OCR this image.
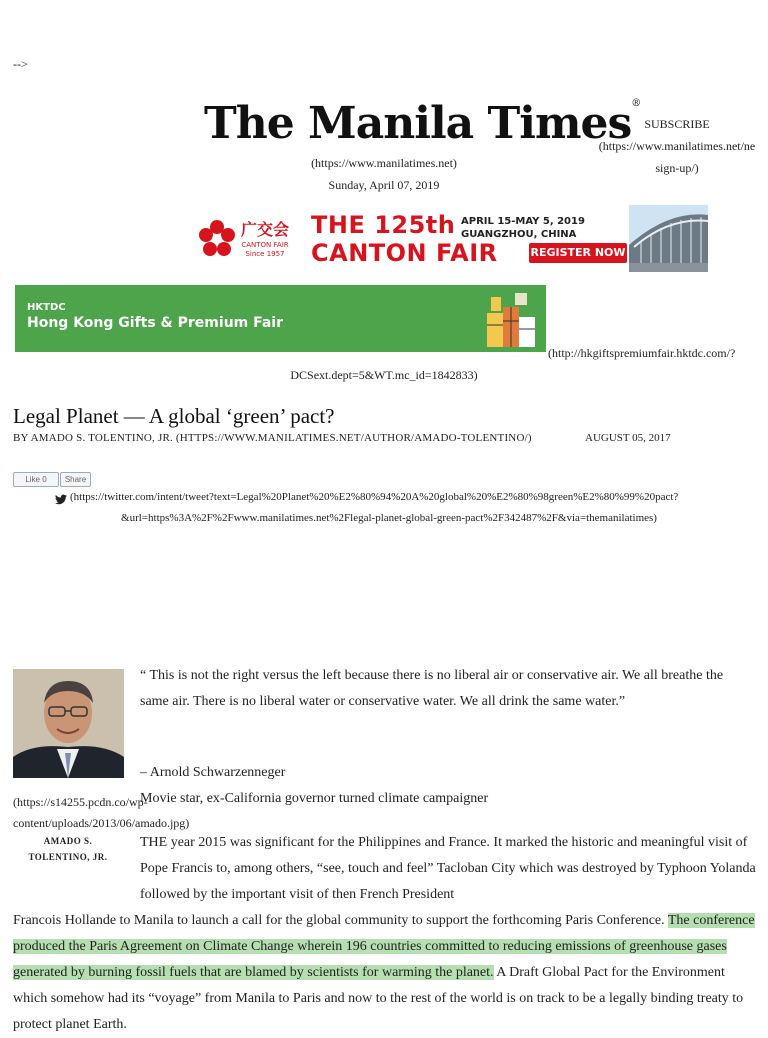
-->
The Manila Times®
(https://www.manilatimes.net)
Sunday, April 07, 2019
SUBSCRIBE
(https://www.manilatimes.net/ne
sign-up/)
广交会
CANTON FAIR
Since 1957
THE 125th
CANTON FAIR
APRIL 15-MAY 5, 2019
GUANGZHOU, CHINA
REGISTER NOW
HKTDC
Hong Kong Gifts & Premium Fair
(http://hkgiftspremiumfair.hktdc.com/?
DCSext.dept=5&WT.mc_id=1842833)
Legal Planet — A global ‘green’ pact?
BY AMADO S. TOLENTINO, JR. (HTTPS://WWW.MANILATIMES.NET/AUTHOR/AMADO-TOLENTINO/)	AUGUST 05, 2017
Like 0	Share
(https://twitter.com/intent/tweet?text=Legal%20Planet%20%E2%80%94%20A%20global%20%E2%80%98green%E2%80%99%20pact?
&url=https%3A%2F%2Fwww.manilatimes.net%2Flegal-planet-global-green-pact%2F342487%2F&via=themanilatimes)
(https://s14255.pcdn.co/wp-
content/uploads/2013/06/amado.jpg)
AMADO S.
TOLENTINO, JR.
“ This is not the right versus the left because there is no liberal air or conservative air. We all breathe the same air. There is no liberal water or conservative water. We all drink the same water.”
– Arnold Schwarzenneger
Movie star, ex-California governor turned climate campaigner
THE year 2015 was significant for the Philippines and France. It marked the historic and meaningful visit of Pope Francis to, among others, “see, touch and feel” Tacloban City which was destroyed by Typhoon Yolanda followed by the important visit of then French President
Francois Hollande to Manila to launch a call for the global community to support the forthcoming Paris Conference. The conference produced the Paris Agreement on Climate Change wherein 196 countries committed to reducing emissions of greenhouse gases generated by burning fossil fuels that are blamed by scientists for warming the planet. A Draft Global Pact for the Environment which somehow had its “voyage” from Manila to Paris and now to the rest of the world is on track to be a legally binding treaty to protect planet Earth.
